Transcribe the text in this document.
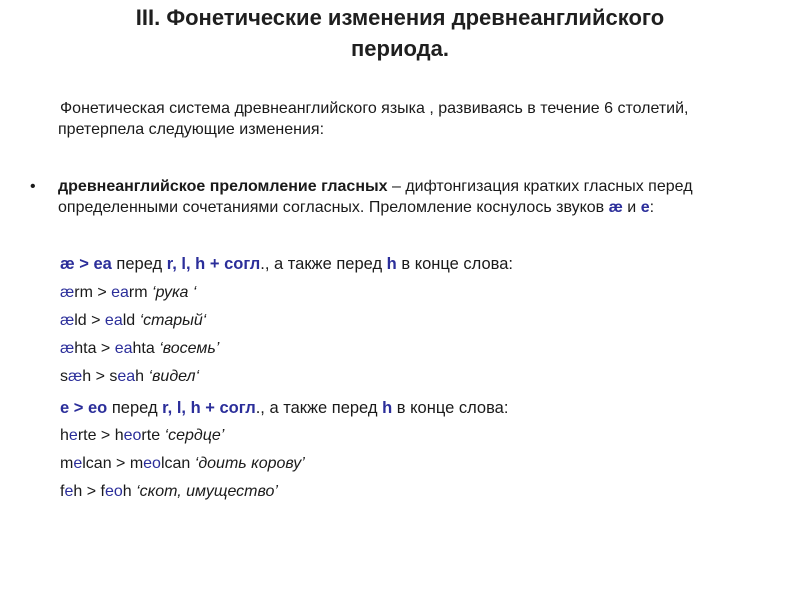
III. Фонетические изменения древнеанглийского
периода.
Фонетическая система древнеанглийского языка , развиваясь в течение 6 столетий, претерпела следующие изменения:
• древнеанглийское преломление гласных – дифтонгизация кратких гласных перед определенными сочетаниями согласных. Преломление коснулось звуков æ и e:
æ > ea перед r, l, h + согл., а также перед h в конце слова:
ærm > earm ‘рука ‘
æld > eald ‘старый‘
æhta > eahta ‘восемь’
sæh > seah ‘видел‘
e > eo перед r, l, h + согл., а также перед h в конце слова:
herte > heorte ‘сердце’
melcan > meolcan ‘доить корову’
feh > feoh ‘скот, имущество’
